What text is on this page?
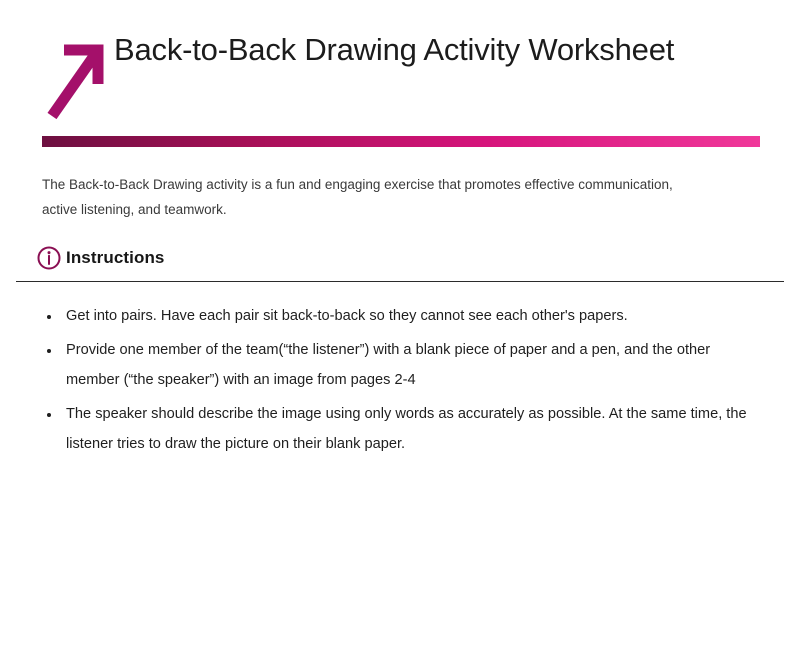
Back-to-Back Drawing Activity Worksheet

The Back-to-Back Drawing activity is a fun and engaging exercise that promotes effective communication, active listening, and teamwork.

Instructions
Get into pairs. Have each pair sit back-to-back so they cannot see each other's papers.
Provide one member of the team(“the listener”) with a blank piece of paper and a pen, and the other member (“the speaker”) with an image from pages 2-4
The speaker should describe the image using only words as accurately as possible. At the same time, the listener tries to draw the picture on their blank paper.
